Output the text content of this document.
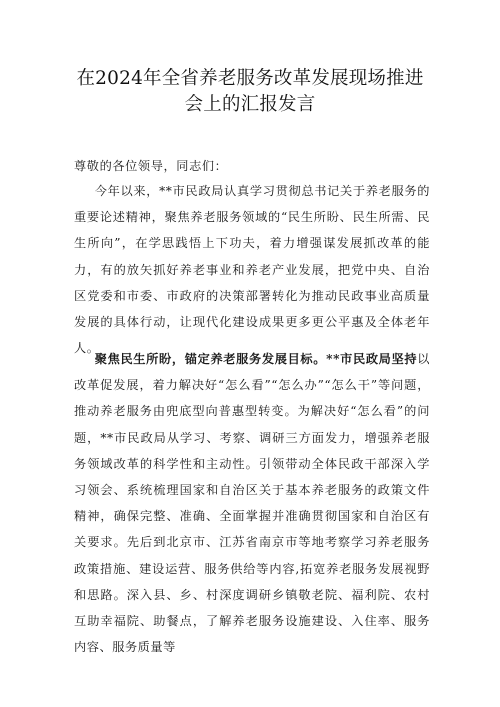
在2024年全省养老服务改革发展现场推进
会上的汇报发言
尊敬的各位领导，同志们：

今年以来，**市民政局认真学习贯彻总书记关于养老服务的重要论述精神，聚焦养老服务领域的“民生所盼、民生所需、民生所向”，在学思践悟上下功夫，着力增强谋发展抓改革的能力，有的放矢抓好养老事业和养老产业发展，把党中央、自治区党委和市委、市政府的决策部署转化为推动民政事业高质量发展的具体行动，让现代化建设成果更多更公平惠及全体老年人。

聚焦民生所盼，锚定养老服务发展目标。**市民政局坚持以改革促发展，着力解决好“怎么看”“怎么办”“怎么干”等问题，推动养老服务由兜底型向普惠型转变。为解决好“怎么看”的问题，**市民政局从学习、考察、调研三方面发力，增强养老服务领域改革的科学性和主动性。引领带动全体民政干部深入学习领会、系统梳理国家和自治区关于基本养老服务的政策文件精神，确保完整、准确、全面掌握并准确贯彻国家和自治区有关要求。先后到北京市、江苏省南京市等地考察学习养老服务政策措施、建设运营、服务供给等内容,拓宽养老服务发展视野和思路。深入县、乡、村深度调研乡镇敬老院、福利院、农村互助幸福院、助餐点，了解养老服务设施建设、入住率、服务内容、服务质量等
